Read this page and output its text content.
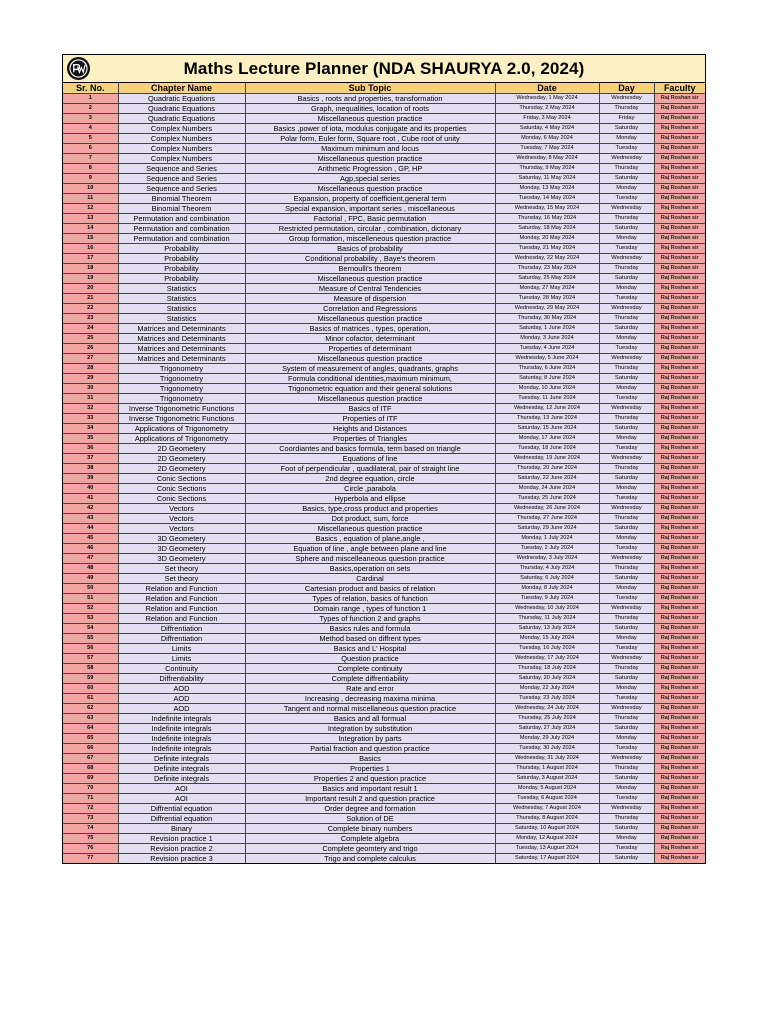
Maths Lecture Planner (NDA SHAURYA 2.0, 2024)
Sr. No.	Chapter Name	Sub Topic	Date	Day	Faculty
1	Quadratic Equations	Basics , roots and properties, transformation	Wednesday, 1 May 2024	Wednesday	Raj Roshan sir
2	Quadratic Equations	Graph, inequalities, location of roots	Thursday, 2 May 2024	Thursday	Raj Roshan sir
3	Quadratic Equations	Miscellaneous question practice	Friday, 3 May 2024	Friday	Raj Roshan sir
4	Complex Numbers	Basics ,power of iota, modulus conjugate and its properties	Saturday, 4 May 2024	Saturday	Raj Roshan sir
5	Complex Numbers	Polar form, Euler form, Square root , Cube root of unity	Monday, 6 May 2024	Monday	Raj Roshan sir
6	Complex Numbers	Maximum minimum and locus	Tuesday, 7 May 2024	Tuesday	Raj Roshan sir
7	Complex Numbers	Miscellaneous question practice	Wednesday, 8 May 2024	Wednesday	Raj Roshan sir
8	Sequence and Series	Arithmetic Progression , GP, HP	Thursday, 9 May 2024	Thursday	Raj Roshan sir
9	Sequence and Series	Agp,special series	Saturday, 11 May 2024	Saturday	Raj Roshan sir
10	Sequence and Series	Miscellaneous question practice	Monday, 13 May 2024	Monday	Raj Roshan sir
11	Binomial Theorem	Expansion, property of coefficient,general term	Tuesday, 14 May 2024	Tuesday	Raj Roshan sir
12	Binomial Theorem	Special expansion, important series , miscellaneous	Wednesday, 15 May 2024	Wednesday	Raj Roshan sir
13	Permutation and combination	Factorial , FPC, Basic permutation	Thursday, 16 May 2024	Thursday	Raj Roshan sir
14	Permutation and combination	Restricted permutation, circular , combination, dictonary	Saturday, 18 May 2024	Saturday	Raj Roshan sir
15	Permutation and combination	Group formation, miscelleneous question practice	Monday, 20 May 2024	Monday	Raj Roshan sir
16	Probability	Basics of probability	Tuesday, 21 May 2024	Tuesday	Raj Roshan sir
17	Probability	Conditional probability , Baye's theorem	Wednesday, 22 May 2024	Wednesday	Raj Roshan sir
18	Probability	Bernoulli's theorem	Thursday, 23 May 2024	Thursday	Raj Roshan sir
19	Probability	Miscellaneous question practice	Saturday, 25 May 2024	Saturday	Raj Roshan sir
20	Statistics	Measure of Central Tendencies	Monday, 27 May 2024	Monday	Raj Roshan sir
21	Statistics	Measure of dispersion	Tuesday, 28 May 2024	Tuesday	Raj Roshan sir
22	Statistics	Correlation and Regressions	Wednesday, 29 May 2024	Wednesday	Raj Roshan sir
23	Statistics	Miscellaneous question practice	Thursday, 30 May 2024	Thursday	Raj Roshan sir
24	Matrices and Determinants	Basics of matrices , types, operation,	Saturday, 1 June 2024	Saturday	Raj Roshan sir
25	Matrices and Determinants	Minor cofactor, determinant	Monday, 3 June 2024	Monday	Raj Roshan sir
26	Matrices and Determinants	Properties of determinant	Tuesday, 4 June 2024	Tuesday	Raj Roshan sir
27	Matrices and Determinants	Miscellaneous question practice	Wednesday, 5 June 2024	Wednesday	Raj Roshan sir
28	Trigonometry	System of measurement of angles, quadrants, graphs	Thursday, 6 June 2024	Thursday	Raj Roshan sir
29	Trigonometry	Formula conditional identities,maximum minimum,	Saturday, 8 June 2024	Saturday	Raj Roshan sir
30	Trigonometry	Trigonometric equation and their general solutions	Monday, 10 June 2024	Monday	Raj Roshan sir
31	Trigonometry	Miscellaneous question practice	Tuesday, 11 June 2024	Tuesday	Raj Roshan sir
32	Inverse Trigonometric Functions	Basics of ITF	Wednesday, 12 June 2024	Wednesday	Raj Roshan sir
33	Inverse Trigonometric Functions	Properties of ITF	Thursday, 13 June 2024	Thursday	Raj Roshan sir
34	Applications of Trigonometry	Heights and Distances	Saturday, 15 June 2024	Saturday	Raj Roshan sir
35	Applications of Trigonometry	Properties of Triangles	Monday, 17 June 2024	Monday	Raj Roshan sir
36	2D Geometery	Coordiantes and basics formula, term based on triangle	Tuesday, 18 June 2024	Tuesday	Raj Roshan sir
37	2D Geometery	Equations of line	Wednesday, 19 June 2024	Wednesday	Raj Roshan sir
38	2D Geometery	Foot of perpendicular , quadilateral, pair of straight line	Thursday, 20 June 2024	Thursday	Raj Roshan sir
39	Conic Sections	2nd degree equation, circle	Saturday, 22 June 2024	Saturday	Raj Roshan sir
40	Conic Sections	Circle ,parabola	Monday, 24 June 2024	Monday	Raj Roshan sir
41	Conic Sections	Hyperbola and ellipse	Tuesday, 25 June 2024	Tuesday	Raj Roshan sir
42	Vectors	Basics, type,cross product and properties	Wednesday, 26 June 2024	Wednesday	Raj Roshan sir
43	Vectors	Dot product, sum, force	Thursday, 27 June 2024	Thursday	Raj Roshan sir
44	Vectors	Miscellaneous question practice	Saturday, 29 June 2024	Saturday	Raj Roshan sir
45	3D Geometery	Basics , equation of plane,angle ,	Monday, 1 July 2024	Monday	Raj Roshan sir
46	3D Geometery	Equation of line , angle between plane and line	Tuesday, 2 July 2024	Tuesday	Raj Roshan sir
47	3D Geometery	Sphere and miscelleaneous question practice	Wednesday, 3 July 2024	Wednesday	Raj Roshan sir
48	Set theory	Basics,operation on sets	Thursday, 4 July 2024	Thursday	Raj Roshan sir
49	Set theory	Cardinal	Saturday, 6 July 2024	Saturday	Raj Roshan sir
50	Relation and Function	Cartesian product and basics of relation	Monday, 8 July 2024	Monday	Raj Roshan sir
51	Relation and Function	Types of relation, basics of function	Tuesday, 9 July 2024	Tuesday	Raj Roshan sir
52	Relation and Function	Domain range , types of function 1	Wednesday, 10 July 2024	Wednesday	Raj Roshan sir
53	Relation and Function	Types of function 2 and graphs	Thursday, 11 July 2024	Thursday	Raj Roshan sir
54	Diffrentiation	Basics rules and formula	Saturday, 13 July 2024	Saturday	Raj Roshan sir
55	Diffrentiation	Method based on diffrent types	Monday, 15 July 2024	Monday	Raj Roshan sir
56	Limits	Basics and L' Hospital	Tuesday, 16 July 2024	Tuesday	Raj Roshan sir
57	Limits	Question practice	Wednesday, 17 July 2024	Wednesday	Raj Roshan sir
58	Continuity	Complete continuity	Thursday, 18 July 2024	Thursday	Raj Roshan sir
59	Diffrentiability	Complete diffrentiability	Saturday, 20 July 2024	Saturday	Raj Roshan sir
60	AOD	Rate and error	Monday, 22 July 2024	Monday	Raj Roshan sir
61	AOD	Increasing , decreasing maxima minima	Tuesday, 23 July 2024	Tuesday	Raj Roshan sir
62	AOD	Tangent and normal miscellaneous question practice	Wednesday, 24 July 2024	Wednesday	Raj Roshan sir
63	Indefinite integrals	Basics and all formual	Thursday, 25 July 2024	Thursday	Raj Roshan sir
64	Indefinite integrals	Integration by substitution	Saturday, 27 July 2024	Saturday	Raj Roshan sir
65	Indefinite integrals	Integration by parts	Monday, 29 July 2024	Monday	Raj Roshan sir
66	Indefinite integrals	Partial fraction and question practice	Tuesday, 30 July 2024	Tuesday	Raj Roshan sir
67	Definite integrals	Basics	Wednesday, 31 July 2024	Wednesday	Raj Roshan sir
68	Definite integrals	Properties 1	Thursday, 1 August 2024	Thursday	Raj Roshan sir
69	Definite integrals	Properties 2 and question practice	Saturday, 3 August 2024	Saturday	Raj Roshan sir
70	AOI	Basics and important result 1	Monday, 5 August 2024	Monday	Raj Roshan sir
71	AOI	Important result 2 and question practice	Tuesday, 6 August 2024	Tuesday	Raj Roshan sir
72	Diffrential equation	Order degree and formation	Wednesday, 7 August 2024	Wednesday	Raj Roshan sir
73	Diffrential equation	Solution of DE	Thursday, 8 August 2024	Thursday	Raj Roshan sir
74	Binary	Complete binary numbers	Saturday, 10 August 2024	Saturday	Raj Roshan sir
75	Revision practice 1	Complete algebra	Monday, 12 August 2024	Monday	Raj Roshan sir
76	Revision practice 2	Complete geomtery and trigo	Tuesday, 13 August 2024	Tuesday	Raj Roshan sir
77	Revision practice 3	Trigo and complete calculus	Saturday, 17 August 2024	Saturday	Raj Roshan sir
